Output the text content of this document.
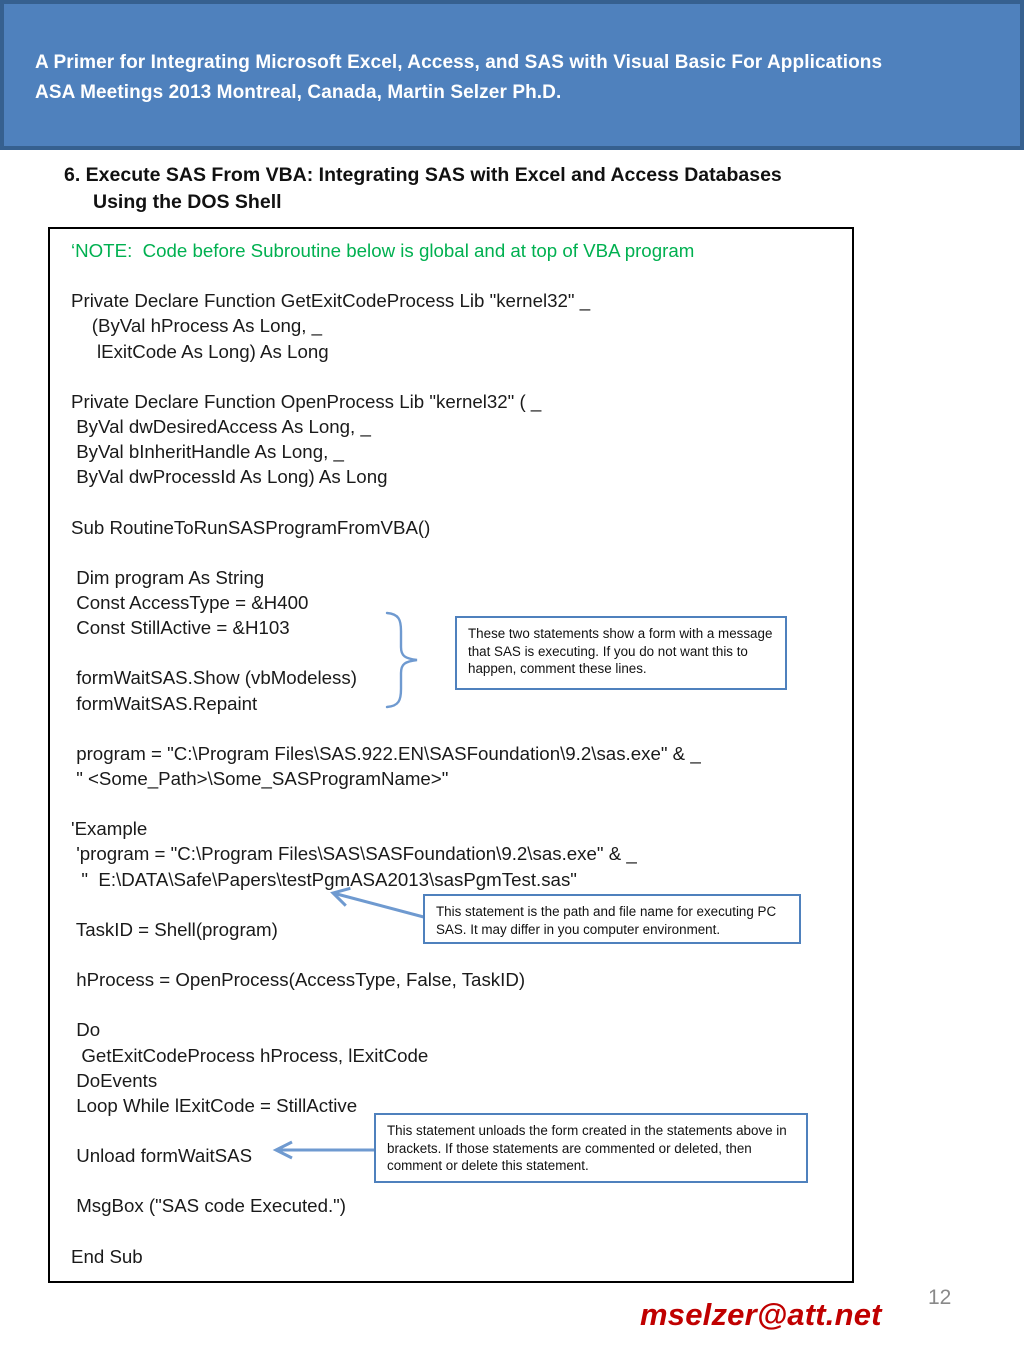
A Primer for Integrating Microsoft Excel, Access, and SAS with Visual Basic For Applications
ASA Meetings 2013 Montreal, Canada, Martin Selzer Ph.D.
6. Execute SAS From VBA: Integrating SAS with Excel and Access Databases
Using the DOS Shell
‘NOTE:  Code before Subroutine below is global and at top of VBA program

Private Declare Function GetExitCodeProcess Lib "kernel32" _
(ByVal hProcess As Long, _
lExitCode As Long) As Long

Private Declare Function OpenProcess Lib "kernel32" ( _
ByVal dwDesiredAccess As Long, _
ByVal bInheritHandle As Long, _
ByVal dwProcessId As Long) As Long

Sub RoutineToRunSASProgramFromVBA()

Dim program As String
Const AccessType = &H400
Const StillActive = &H103

formWaitSAS.Show (vbModeless)
formWaitSAS.Repaint

program = "C:\Program Files\SAS.922.EN\SASFoundation\9.2\sas.exe" & _
" <Some_Path>\Some_SASProgramName>"

'Example
'program = "C:\Program Files\SAS\SASFoundation\9.2\sas.exe" & _
"  E:\DATA\Safe\Papers\testPgmASA2013\sasPgmTest.sas"

TaskID = Shell(program)

hProcess = OpenProcess(AccessType, False, TaskID)

Do
GetExitCodeProcess hProcess, lExitCode
DoEvents
Loop While lExitCode = StillActive

Unload formWaitSAS

MsgBox ("SAS code Executed.")

End Sub
These two statements show a form with a message that SAS is executing. If you do not want this to happen, comment these lines.
This statement is the path and file name for executing PC SAS. It may differ in you computer environment.
This statement unloads the form created in the statements above in brackets. If those statements are commented or deleted, then comment or delete this statement.
12
mselzer@att.net
